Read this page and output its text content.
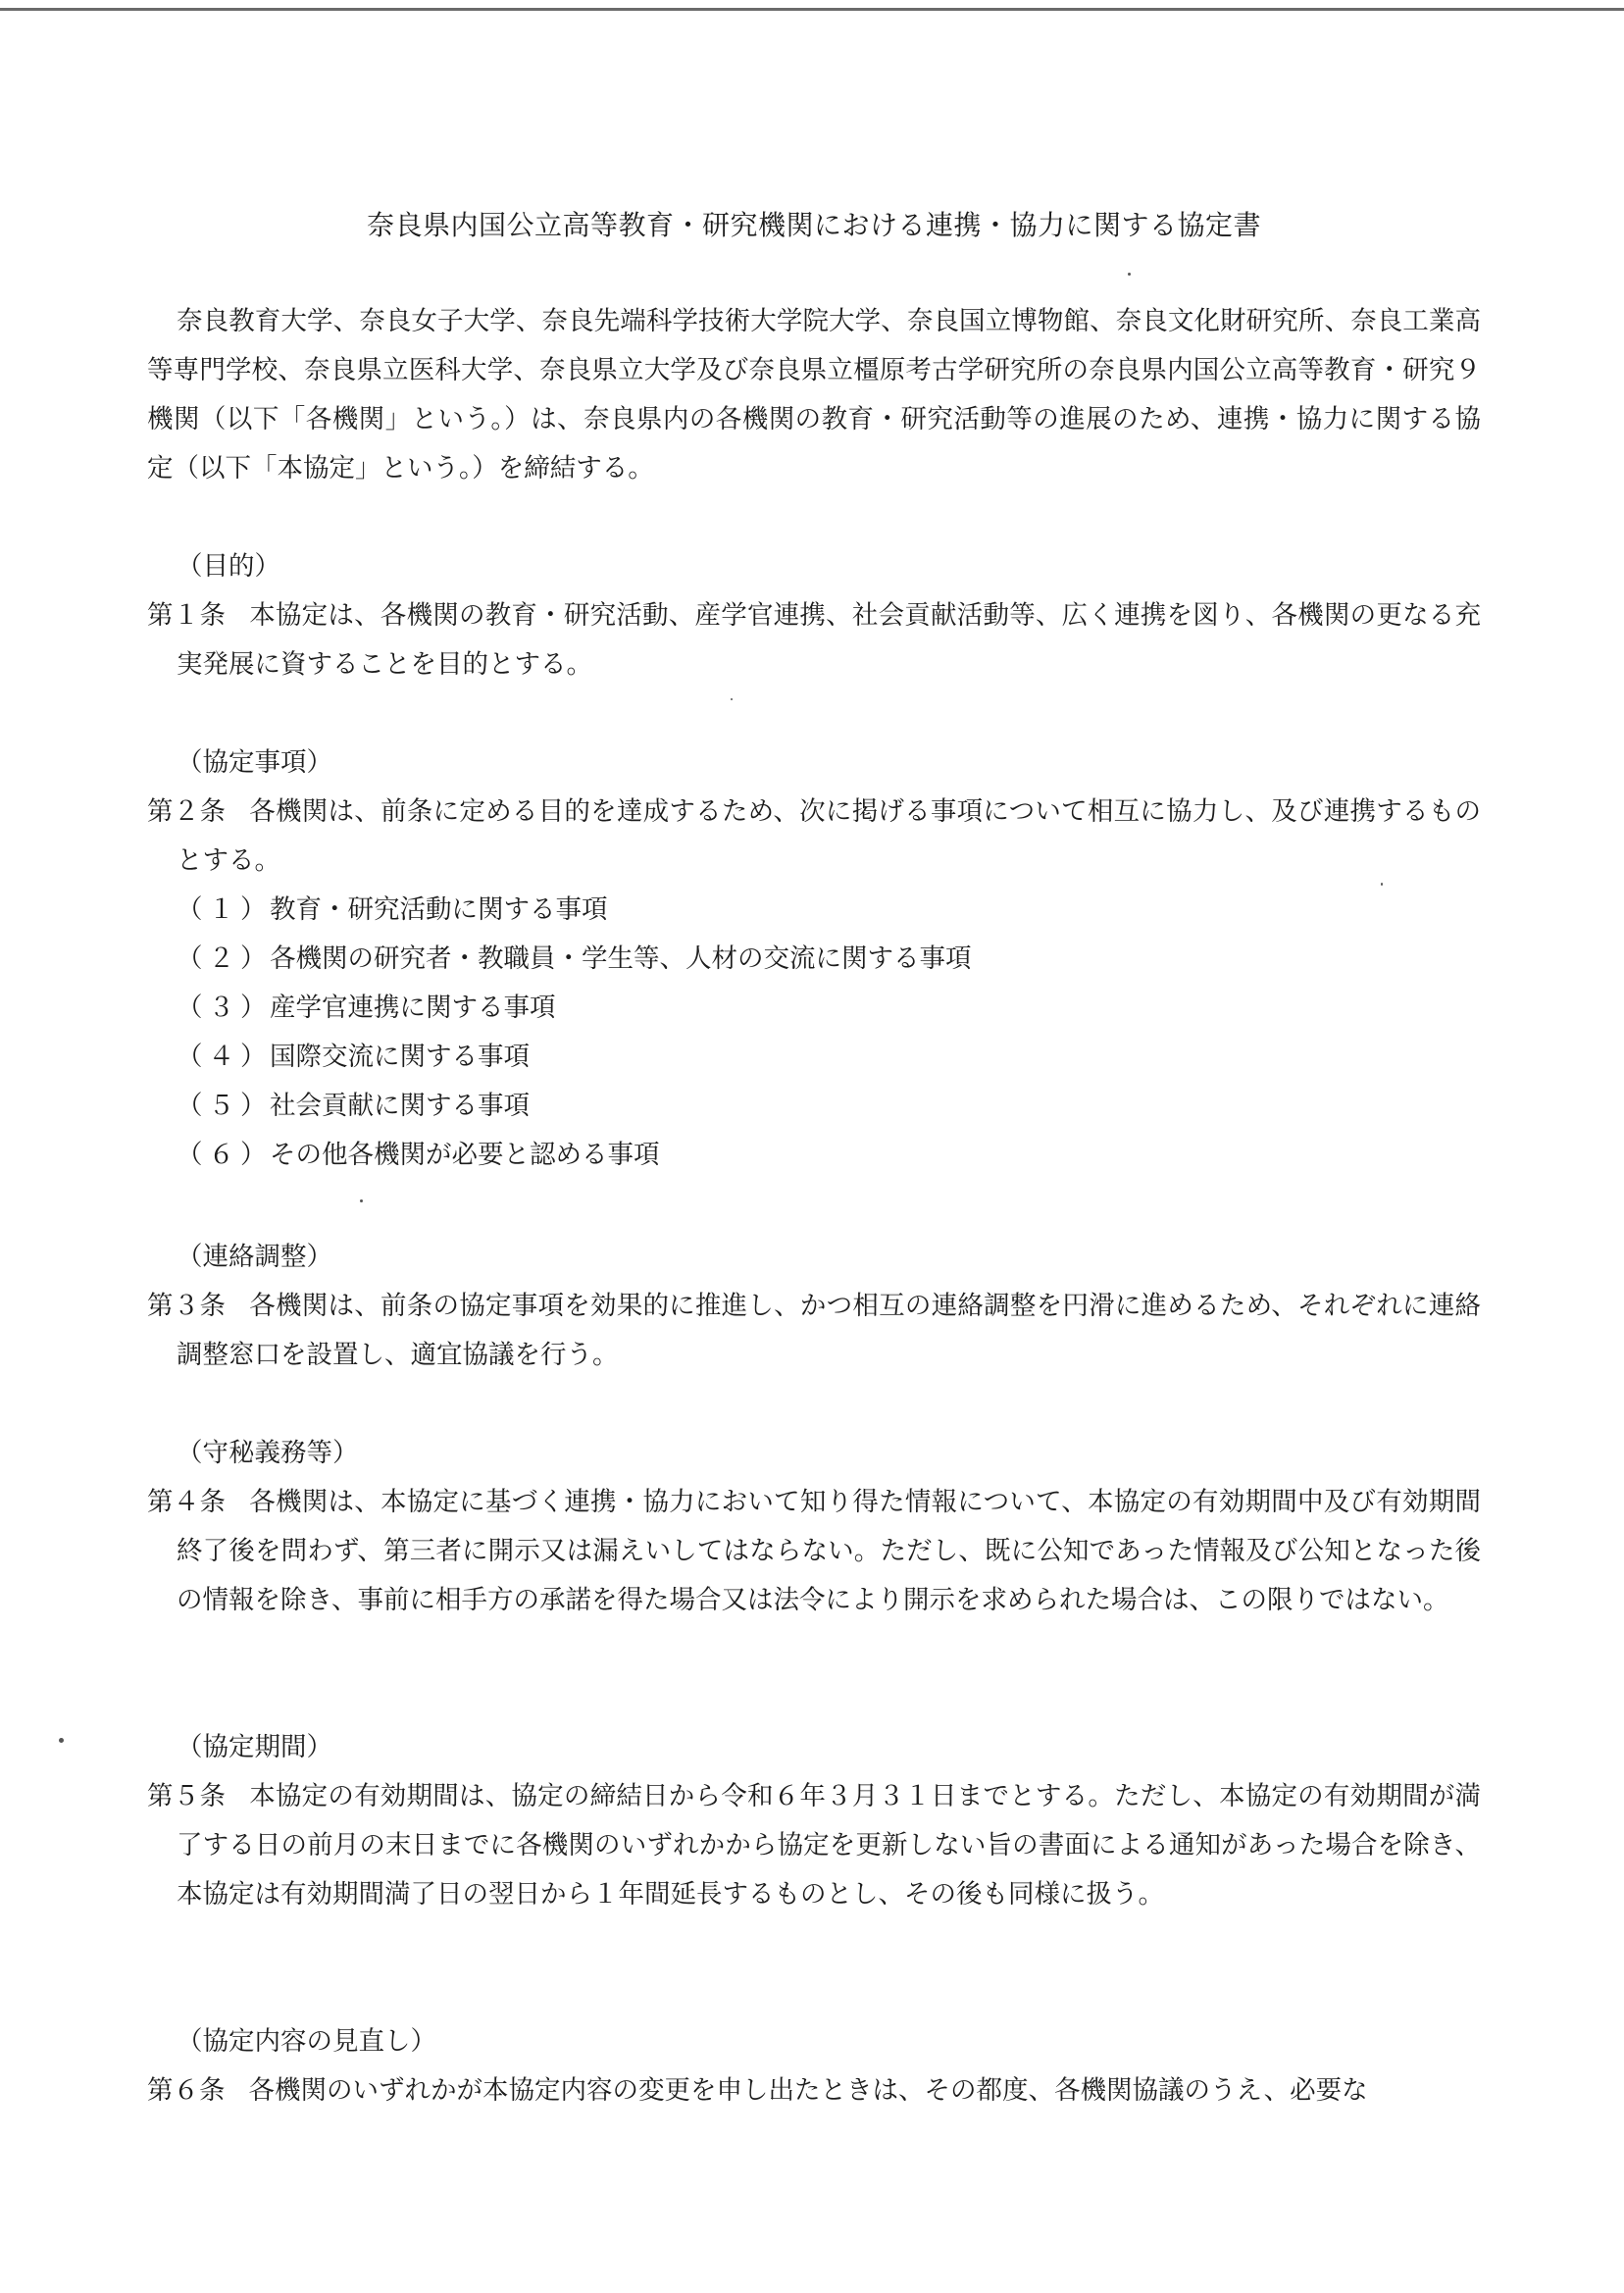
奈良県内国公立高等教育・研究機関における連携・協力に関する協定書

奈良教育大学、奈良女子大学、奈良先端科学技術大学院大学、奈良国立博物館、奈良文化財研究所、奈良工業高等専門学校、奈良県立医科大学、奈良県立大学及び奈良県立橿原考古学研究所の奈良県内国公立高等教育・研究９機関（以下「各機関」という。）は、奈良県内の各機関の教育・研究活動等の進展のため、連携・協力に関する協定（以下「本協定」という。）を締結する。

（目的）

第１条 本協定は、各機関の教育・研究活動、産学官連携、社会貢献活動等、広く連携を図り、各機関の更なる充実発展に資することを目的とする。

（協定事項）

第２条 各機関は、前条に定める目的を達成するため、次に掲げる事項について相互に協力し、及び連携するものとする。

（１）
教育・研究活動に関する事項
（２）
各機関の研究者・教職員・学生等、人材の交流に関する事項
（３）
産学官連携に関する事項
（４）
国際交流に関する事項
（５）
社会貢献に関する事項
（６）
その他各機関が必要と認める事項

（連絡調整）

第３条 各機関は、前条の協定事項を効果的に推進し、かつ相互の連絡調整を円滑に進めるため、それぞれに連絡調整窓口を設置し、適宜協議を行う。

（守秘義務等）

第４条 各機関は、本協定に基づく連携・協力において知り得た情報について、本協定の有効期間中及び有効期間終了後を問わず、第三者に開示又は漏えいしてはならない。ただし、既に公知であった情報及び公知となった後の情報を除き、事前に相手方の承諾を得た場合又は法令により開示を求められた場合は、この限りではない。

（協定期間）

第５条 本協定の有効期間は、協定の締結日から令和６年３月３１日までとする。ただし、本協定の有効期間が満了する日の前月の末日までに各機関のいずれかから協定を更新しない旨の書面による通知があった場合を除き、本協定は有効期間満了日の翌日から１年間延長するものとし、その後も同様に扱う。

（協定内容の見直し）

第６条 各機関のいずれかが本協定内容の変更を申し出たときは、その都度、各機関協議のうえ、必要な
